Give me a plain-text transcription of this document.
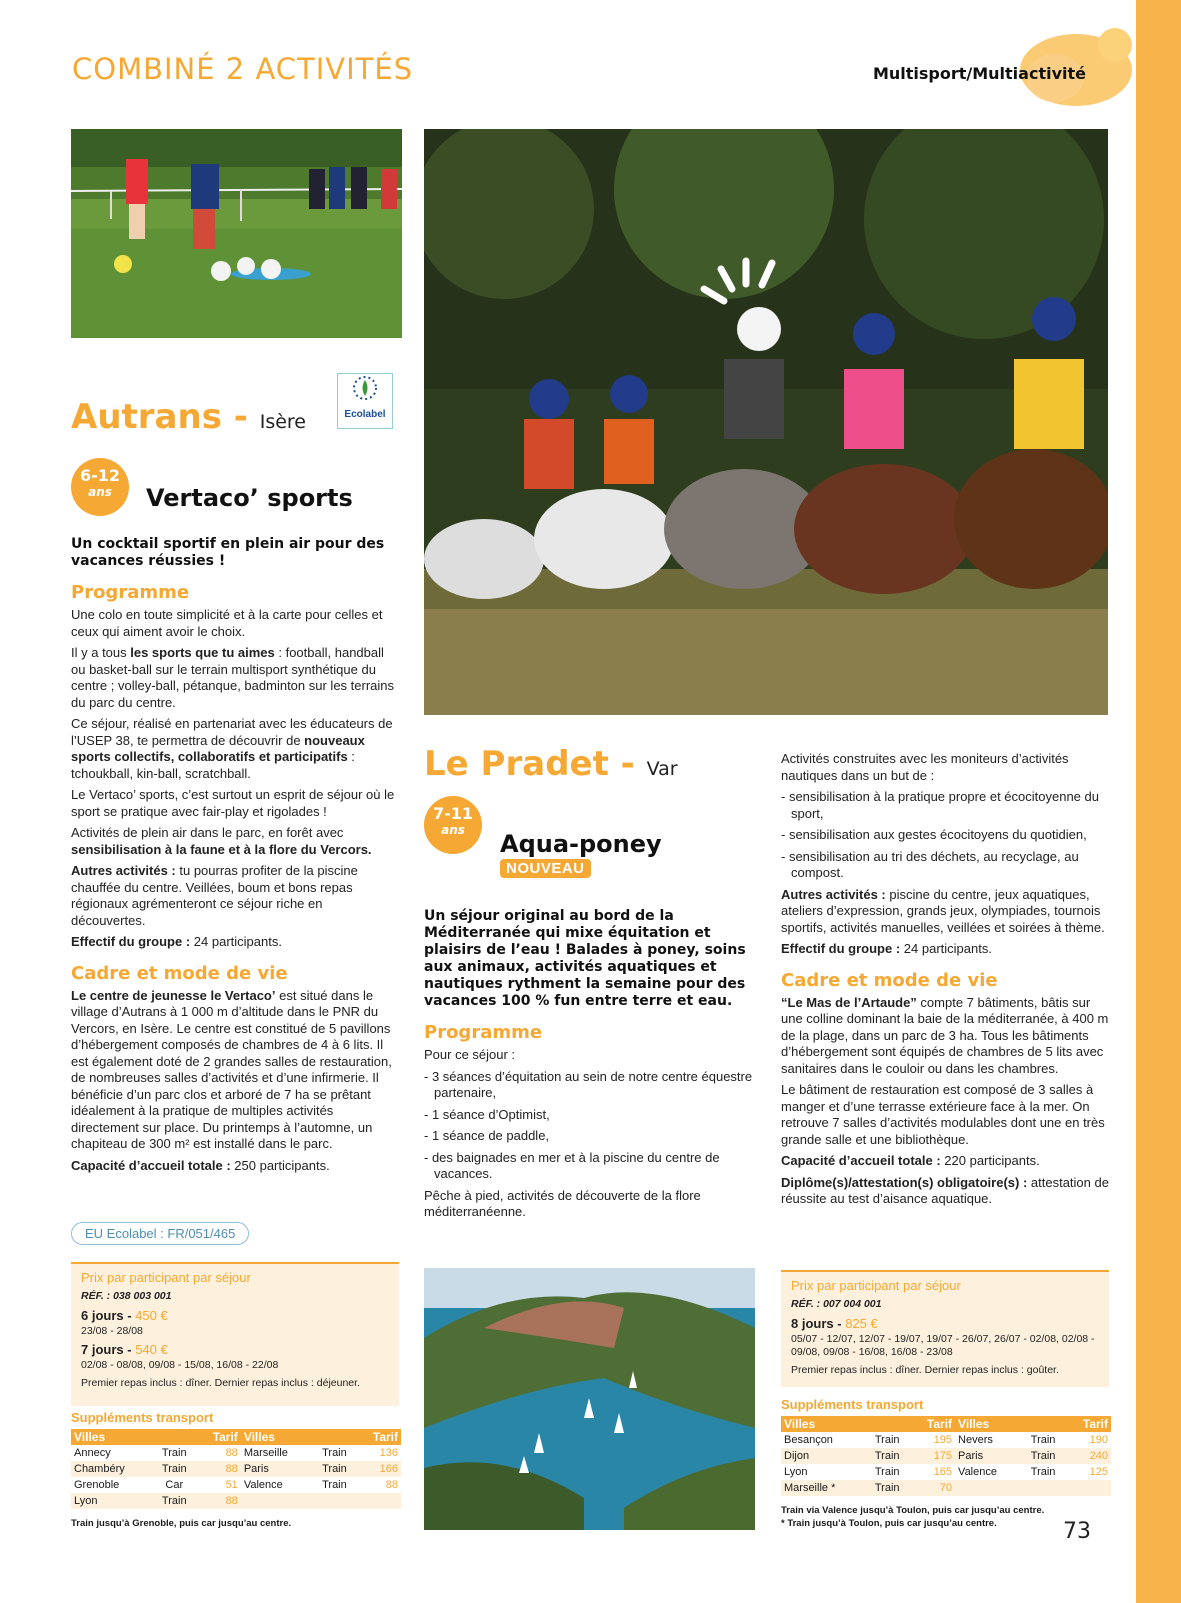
COMBINÉ 2 ACTIVITÉS	Multisport/Multiactivité
Autrans - Isère	Ecolabel
6-12
ans	Vertaco’ sports
Un cocktail sportif en plein air pour des vacances réussies !
Programme

Une colo en toute simplicité et à la carte pour celles et ceux qui aiment avoir le choix.

Il y a tous les sports que tu aimes : football, handball ou basket-ball sur le terrain multisport synthétique du centre ; volley-ball, pétanque, badminton sur les terrains du parc du centre.

Ce séjour, réalisé en partenariat avec les éducateurs de l’USEP 38, te permettra de découvrir de nouveaux sports collectifs, collaboratifs et participatifs : tchoukball, kin-ball, scratchball.

Le Vertaco’ sports, c’est surtout un esprit de séjour où le sport se pratique avec fair-play et rigolades !

Activités de plein air dans le parc, en forêt avec sensibilisation à la faune et à la flore du Vercors.

Autres activités : tu pourras profiter de la piscine chauffée du centre. Veillées, boum et bons repas régionaux agrémenteront ce séjour riche en découvertes.

Effectif du groupe : 24 participants.

Cadre et mode de vie

Le centre de jeunesse le Vertaco’ est situé dans le village d’Autrans à 1 000 m d’altitude dans le PNR du Vercors, en Isère. Le centre est constitué de 5 pavillons d’hébergement composés de chambres de 4 à 6 lits. Il est également doté de 2 grandes salles de restauration, de nombreuses salles d’activités et d’une infirmerie. Il bénéficie d’un parc clos et arboré de 7 ha se prêtant idéalement à la pratique de multiples activités directement sur place. Du printemps à l’automne, un chapiteau de 300 m² est installé dans le parc.

Capacité d’accueil totale : 250 participants.

EU Ecolabel : FR/051/465
Prix par participant par séjour
RÉF. : 038 003 001
6 jours - 450 €
23/08 - 28/08
7 jours - 540 €
02/08 - 08/08, 09/08 - 15/08, 16/08 - 22/08
Premier repas inclus : dîner. Dernier repas inclus : déjeuner.
Suppléments transport
Villes		Tarif	Villes		Tarif
Annecy	Train	88	Marseille	Train	136
Chambéry	Train	88	Paris	Train	166
Grenoble	Car	51	Valence	Train	88
Lyon	Train	88			
Train jusqu’à Grenoble, puis car jusqu’au centre.
Le Pradet - Var
7-11
ans	Aqua-poney
NOUVEAU
Un séjour original au bord de la Méditerranée qui mixe équitation et plaisirs de l’eau ! Balades à poney, soins aux animaux, activités aquatiques et nautiques rythment la semaine pour des vacances 100 % fun entre terre et eau.
Programme

Pour ce séjour :

- 3 séances d’équitation au sein de notre centre équestre partenaire,
- 1 séance d’Optimist,
- 1 séance de paddle,
- des baignades en mer et à la piscine du centre de vacances.

Pêche à pied, activités de découverte de la flore méditerranéenne.

Activités construites avec les moniteurs d’activités nautiques dans un but de :

- sensibilisation à la pratique propre et écocitoyenne du sport,
- sensibilisation aux gestes écocitoyens du quotidien,
- sensibilisation au tri des déchets, au recyclage, au compost.

Autres activités : piscine du centre, jeux aquatiques, ateliers d’expression, grands jeux, olympiades, tournois sportifs, activités manuelles, veillées et soirées à thème.

Effectif du groupe : 24 participants.

Cadre et mode de vie

“Le Mas de l’Artaude” compte 7 bâtiments, bâtis sur une colline dominant la baie de la méditerranée, à 400 m de la plage, dans un parc de 3 ha. Tous les bâtiments d’hébergement sont équipés de chambres de 5 lits avec sanitaires dans le couloir ou dans les chambres.

Le bâtiment de restauration est composé de 3 salles à manger et d’une terrasse extérieure face à la mer. On retrouve 7 salles d’activités modulables dont une en très grande salle et une bibliothèque.

Capacité d’accueil totale : 220 participants.

Diplôme(s)/attestation(s) obligatoire(s) : attestation de réussite au test d’aisance aquatique.

Prix par participant par séjour
RÉF. : 007 004 001
8 jours - 825 €
05/07 - 12/07, 12/07 - 19/07, 19/07 - 26/07, 26/07 - 02/08, 02/08 - 09/08, 09/08 - 16/08, 16/08 - 23/08
Premier repas inclus : dîner. Dernier repas inclus : goûter.
Suppléments transport
Villes		Tarif	Villes		Tarif
Besançon	Train	195	Nevers	Train	190
Dijon	Train	175	Paris	Train	240
Lyon	Train	165	Valence	Train	125
Marseille *	Train	70			
Train via Valence jusqu’à Toulon, puis car jusqu’au centre.
* Train jusqu’à Toulon, puis car jusqu’au centre.	73
